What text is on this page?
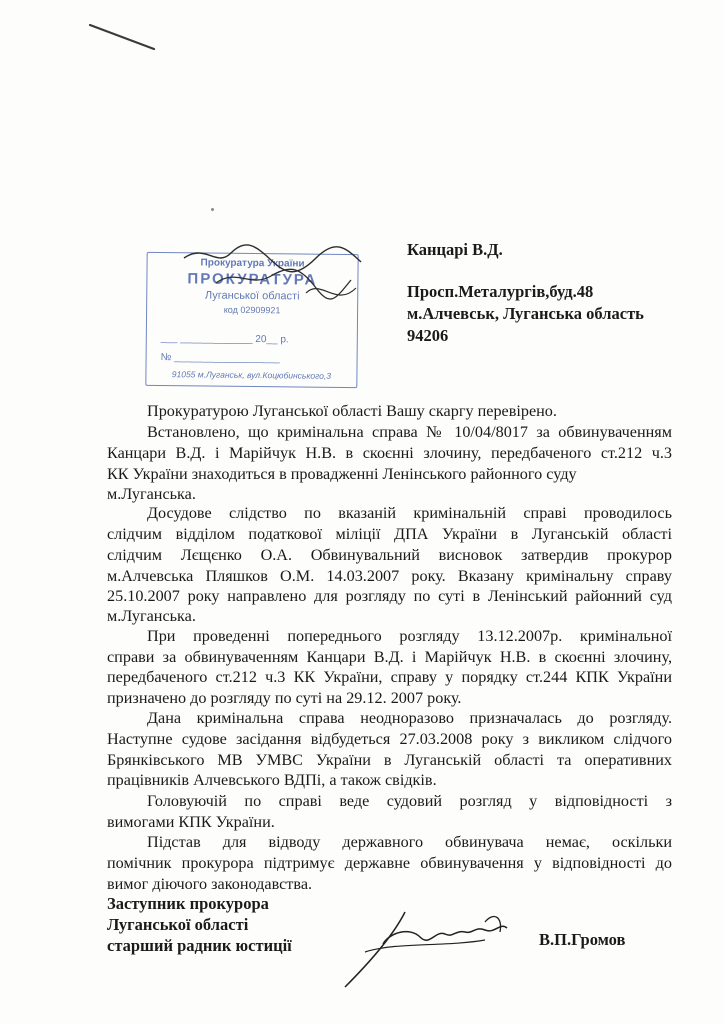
Канцарі В.Д.
Просп.Металургів,буд.48
м.Алчевськ, Луганська область
94206
Прокуратура України
ПРОКУРАТУРА
Луганської області
код 02909921
___ _____________ 20__ р.
№ ___________________
91055 м.Луганськ, вул.Коцюбинського,3
Прокуратурою Луганської області Вашу скаргу перевірено.
Встановлено, що кримінальна справа № 10/04/8017 за обвинуваченням
Канцари В.Д. і Марійчук Н.В. в скоєнні злочину, передбаченого ст.212 ч.3
КК України знаходиться в провадженні Ленінського районного суду
м.Луганська.
Досудове слідство по вказаній кримінальній справі проводилось
слідчим відділом податкової міліції ДПА України в Луганській області
слідчим Лєщєнко О.А. Обвинувальний висновок затвердив прокурор
м.Алчевська Пляшков О.М. 14.03.2007 року. Вказану кримінальну справу
25.10.2007 року направлено для розгляду по суті в Ленінський районний суд
м.Луганська.
При проведенні попереднього розгляду 13.12.2007р. кримінальної
справи за обвинуваченням Канцари В.Д. і Марійчук Н.В. в скоєнні злочину,
передбаченого ст.212 ч.3 КК України, справу у порядку ст.244 КПК України
призначено до розгляду по суті на 29.12. 2007 року.
Дана кримінальна справа неодноразово призначалась до розгляду.
Наступне судове засідання відбудеться 27.03.2008 року з викликом слідчого
Брянківського МВ УМВС України в Луганській області та оперативних
працівників Алчевського ВДПі, а також свідків.
Головуючій по справі веде судовий розгляд у відповідності з
вимогами КПК України.
Підстав для відводу державного обвинувача немає, оскільки
помічник прокурора підтримує державне обвинувачення у відповідності до
вимог діючого законодавства.
Заступник прокурора
Луганської області
старший радник юстиції	В.П.Громов
